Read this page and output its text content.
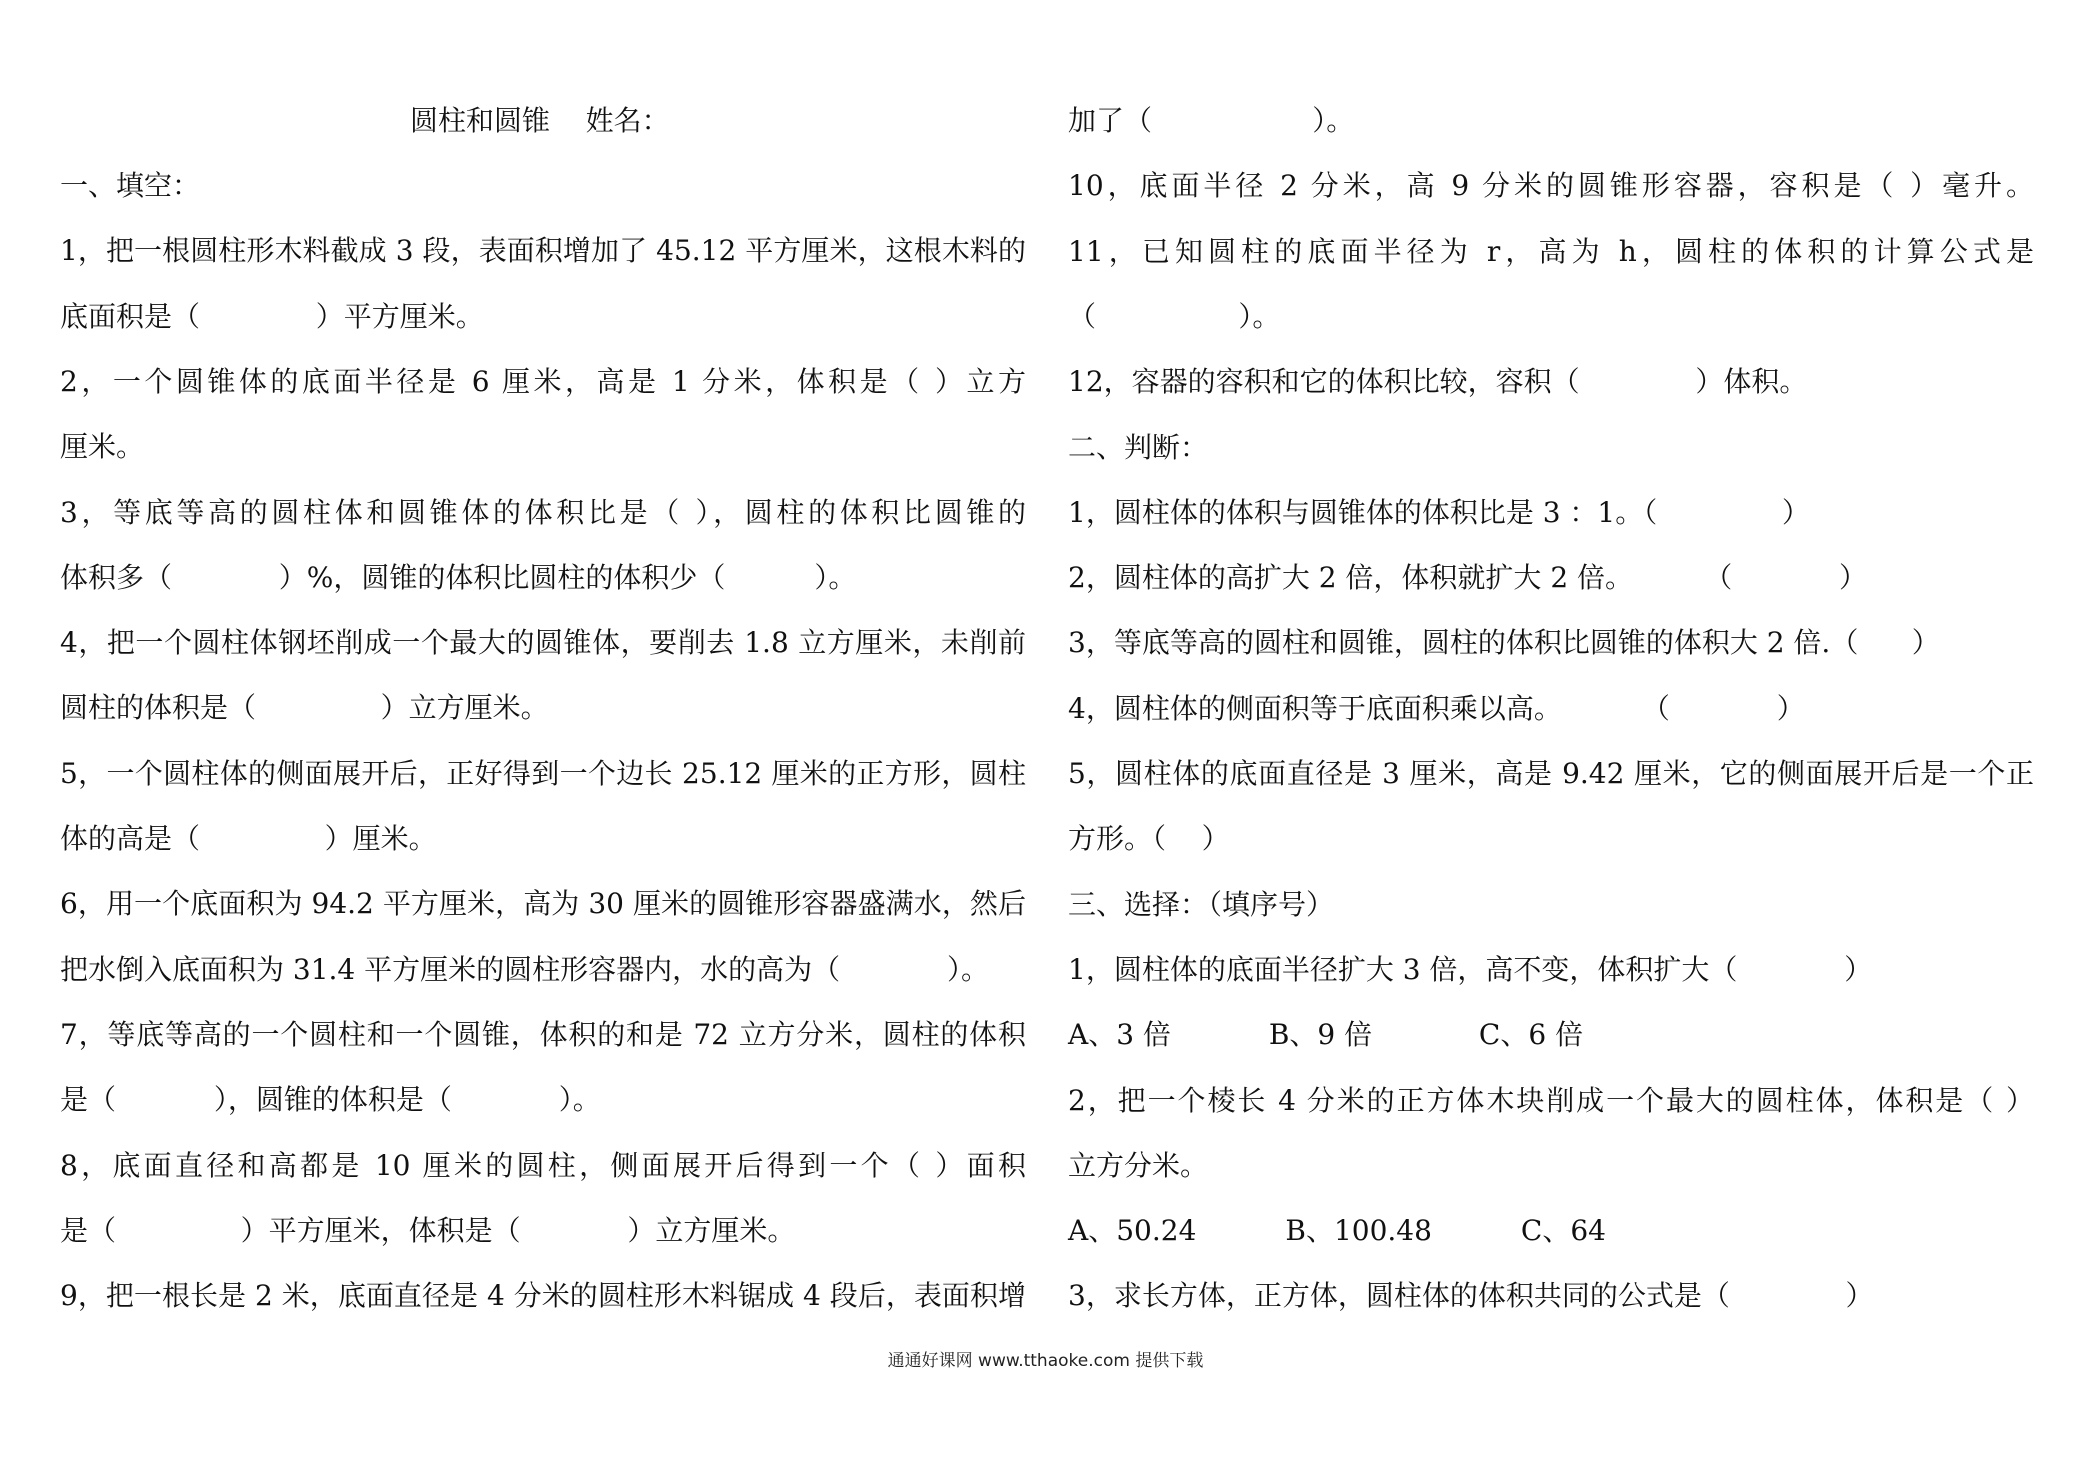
圆柱和圆锥    姓名：
一、填空：
1，把一根圆柱形木料截成 3 段，表面积增加了 45.12 平方厘米，这根木料的
底面积是（             ）平方厘米。
2，一个圆锥体的底面半径是 6 厘米，高是 1 分米，体积是（ ）立方
厘米。
3，等底等高的圆柱体和圆锥体的体积比是（ ），圆柱的体积比圆锥的
体积多（            ）%，圆锥的体积比圆柱的体积少（          ）。
4，把一个圆柱体钢坯削成一个最大的圆锥体，要削去 1.8 立方厘米，未削前
圆柱的体积是（              ）立方厘米。
5，一个圆柱体的侧面展开后，正好得到一个边长 25.12 厘米的正方形，圆柱
体的高是（              ）厘米。
6，用一个底面积为 94.2 平方厘米，高为 30 厘米的圆锥形容器盛满水，然后
把水倒入底面积为 31.4 平方厘米的圆柱形容器内，水的高为（            ）。
7，等底等高的一个圆柱和一个圆锥，体积的和是 72 立方分米，圆柱的体积
是（           ），圆锥的体积是（            ）。
8，底面直径和高都是 10 厘米的圆柱，侧面展开后得到一个（ ）面积
是（              ）平方厘米，体积是（            ）立方厘米。
9，把一根长是 2 米，底面直径是 4 分米的圆柱形木料锯成 4 段后，表面积增
加了（                  ）。
10，底面半径 2 分米，高 9 分米的圆锥形容器，容积是（ ）毫升。
11，已知圆柱的底面半径为 r，高为 h，圆柱的体积的计算公式是
（                ）。
12，容器的容积和它的体积比较，容积（             ）体积。
二、判断：
1，圆柱体的体积与圆锥体的体积比是 3 ：1。（              ）
2，圆柱体的高扩大 2 倍，体积就扩大 2 倍。        （            ）
3，等底等高的圆柱和圆锥，圆柱的体积比圆锥的体积大 2 倍.（      ）
4，圆柱体的侧面积等于底面积乘以高。         （            ）
5，圆柱体的底面直径是 3 厘米，高是 9.42 厘米，它的侧面展开后是一个正
方形。（    ）
三、选择：（填序号）
1，圆柱体的底面半径扩大 3 倍，高不变，体积扩大（            ）
A、3 倍           B、9 倍            C、6 倍
2，把一个棱长 4 分米的正方体木块削成一个最大的圆柱体，体积是（ ）
立方分米。
A、50.24          B、100.48          C、64
3，求长方体，正方体，圆柱体的体积共同的公式是（             ）
通通好课网 www.tthaoke.com 提供下载
